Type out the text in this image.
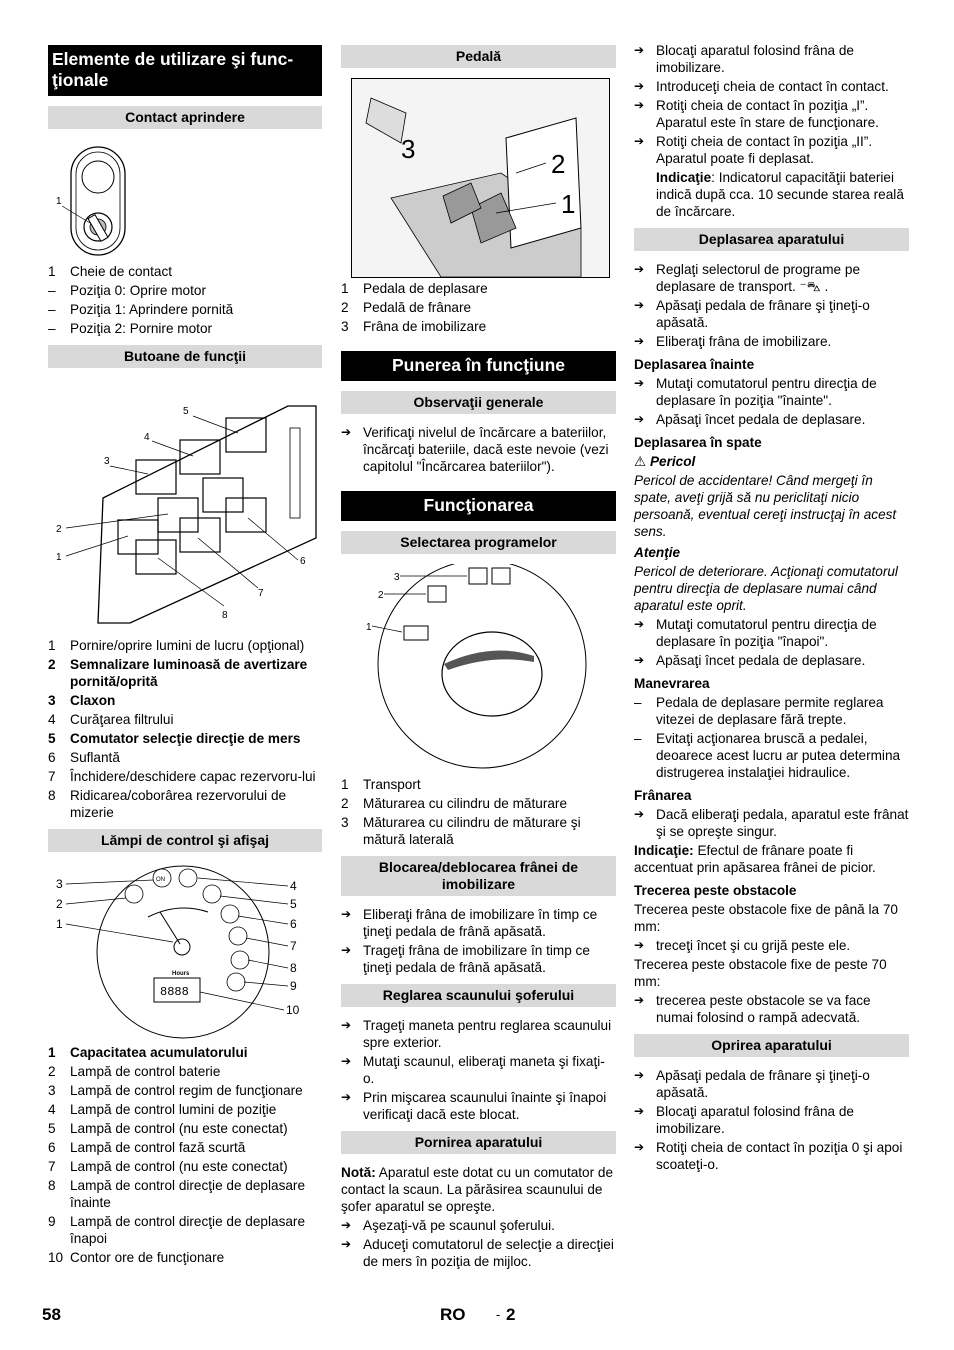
Elemente de utilizare şi func-ţionale
Contact aprindere
1
1	Cheie de contact
–	Poziţia 0: Oprire motor
–	Poziţia 1: Aprindere pornită
–	Poziţia 2: Pornire motor
Butoane de funcţii
5
4
3
2
1	6
7
8
1	Pornire/oprire lumini de lucru (opţional)
2	Semnalizare luminoasă de avertizare pornită/oprită
3	Claxon
4	Curăţarea filtrului
5	Comutator selecţie direcţie de mers
6	Suflantă
7	Închidere/deschidere capac rezervoru-lui
8	Ridicarea/coborârea rezervorului de mizerie
Lămpi de control şi afişaj
ON
Hours
8888
3
2
1
4
5
6
7
8
9
10
1	Capacitatea acumulatorului
2	Lampă de control baterie
3	Lampă de control regim de funcţionare
4	Lampă de control lumini de poziţie
5	Lampă de control (nu este conectat)
6	Lampă de control fază scurtă
7	Lampă de control (nu este conectat)
8	Lampă de control direcţie de deplasare înainte
9	Lampă de control direcţie de deplasare înapoi
10 Contor ore de funcţionare
Pedală
3	2
1
1	Pedala de deplasare
2	Pedală de frânare
3	Frâna de imobilizare
Punerea în funcţiune
Observaţii generale
➔ Verificaţi nivelul de încărcare a bateriilor, încărcaţi bateriile, dacă este nevoie (vezi capitolul "Încărcarea bateriilor").
Funcţionarea
Selectarea programelor
3
2
1
1	Transport
2	Măturarea cu cilindru de măturare
3	Măturarea cu cilindru de măturare şi mătură laterală
Blocarea/deblocarea frânei de imobilizare
➔ Eliberaţi frâna de imobilizare în timp ce ţineţi pedala de frână apăsată.
➔ Trageţi frâna de imobilizare în timp ce ţineţi pedala de frână apăsată.
Reglarea scaunului şoferului
➔ Trageţi maneta pentru reglarea scaunului spre exterior.
➔ Mutaţi scaunul, eliberaţi maneta şi fixaţi-o.
➔ Prin mişcarea scaunului înainte şi înapoi verificaţi dacă este blocat.
Pornirea aparatului

Notă: Aparatul este dotat cu un comutator de contact la scaun. La părăsirea scaunului de şofer aparatul se opreşte.

➔ Aşezaţi-vă pe scaunul şoferului.
➔ Aduceţi comutatorul de selecţie a direcţiei de mers în poziţia de mijloc.
➔ Blocaţi aparatul folosind frâna de imobilizare.
➔ Introduceţi cheia de contact în contact.
➔ Rotiţi cheia de contact în poziţia „I”. Aparatul este în stare de funcţionare.
➔ Rotiţi cheia de contact în poziţia „II”. Aparatul poate fi deplasat.

Indicaţie: Indicatorul capacităţii bateriei indică după cca. 10 secunde starea reală de încărcare.

Deplasarea aparatului
➔ Reglaţi selectorul de programe pe deplasare de transport. ⁻⛍ .
➔ Apăsaţi pedala de frânare şi ţineţi-o apăsată.
➔ Eliberaţi frâna de imobilizare.
Deplasarea înainte
➔ Mutaţi comutatorul pentru direcţia de deplasare în poziţia "înainte".
➔ Apăsaţi încet pedala de deplasare.
Deplasarea în spate

⚠ Pericol

Pericol de accidentare! Când mergeţi în spate, aveţi grijă să nu periclitaţi nicio persoană, eventual cereţi instrucţaj în acest sens.

Atenţie

Pericol de deteriorare. Acţionaţi comutatorul pentru direcţia de deplasare numai când aparatul este oprit.

➔ Mutaţi comutatorul pentru direcţia de deplasare în poziţia "înapoi".
➔ Apăsaţi încet pedala de deplasare.
Manevrarea
–	Pedala de deplasare permite reglarea vitezei de deplasare fără trepte.
–	Evitaţi acţionarea bruscă a pedalei, deoarece acest lucru ar putea determina distrugerea instalaţiei hidraulice.
Frânarea
➔ Dacă eliberaţi pedala, aparatul este frânat şi se opreşte singur.

Indicaţie: Efectul de frânare poate fi accentuat prin apăsarea frânei de picior.

Trecerea peste obstacole

Trecerea peste obstacole fixe de până la 70 mm:

➔ treceţi încet şi cu grijă peste ele.

Trecerea peste obstacole fixe de peste 70 mm:

➔ trecerea peste obstacole se va face numai folosind o rampă adecvată.
Oprirea aparatului
➔ Apăsaţi pedala de frânare şi ţineţi-o apăsată.
➔ Blocaţi aparatul folosind frâna de imobilizare.
➔ Rotiţi cheia de contact în poziţia 0 şi apoi scoateţi-o.
58	RO - 2
